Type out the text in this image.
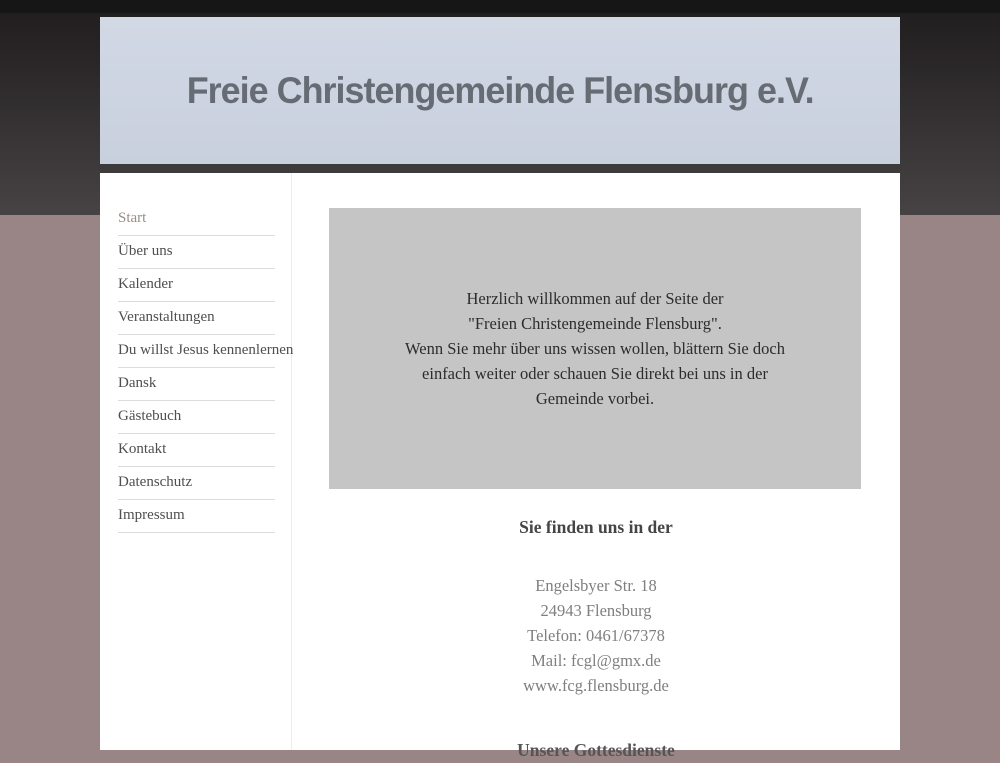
Freie Christengemeinde Flensburg e.V.
Start
Über uns
Kalender
Veranstaltungen
Du willst Jesus kennenlernen
Dansk
Gästebuch
Kontakt
Datenschutz
Impressum
Herzlich willkommen auf der Seite der
"Freien Christengemeinde Flensburg".
Wenn Sie mehr über uns wissen wollen, blättern Sie doch
einfach weiter oder schauen Sie direkt bei uns in der
Gemeinde vorbei.
Sie finden uns in der
Engelsbyer Str. 18
24943 Flensburg
Telefon: 0461/67378
Mail: fcgl@gmx.de
www.fcg.flensburg.de
Unsere Gottesdienste
